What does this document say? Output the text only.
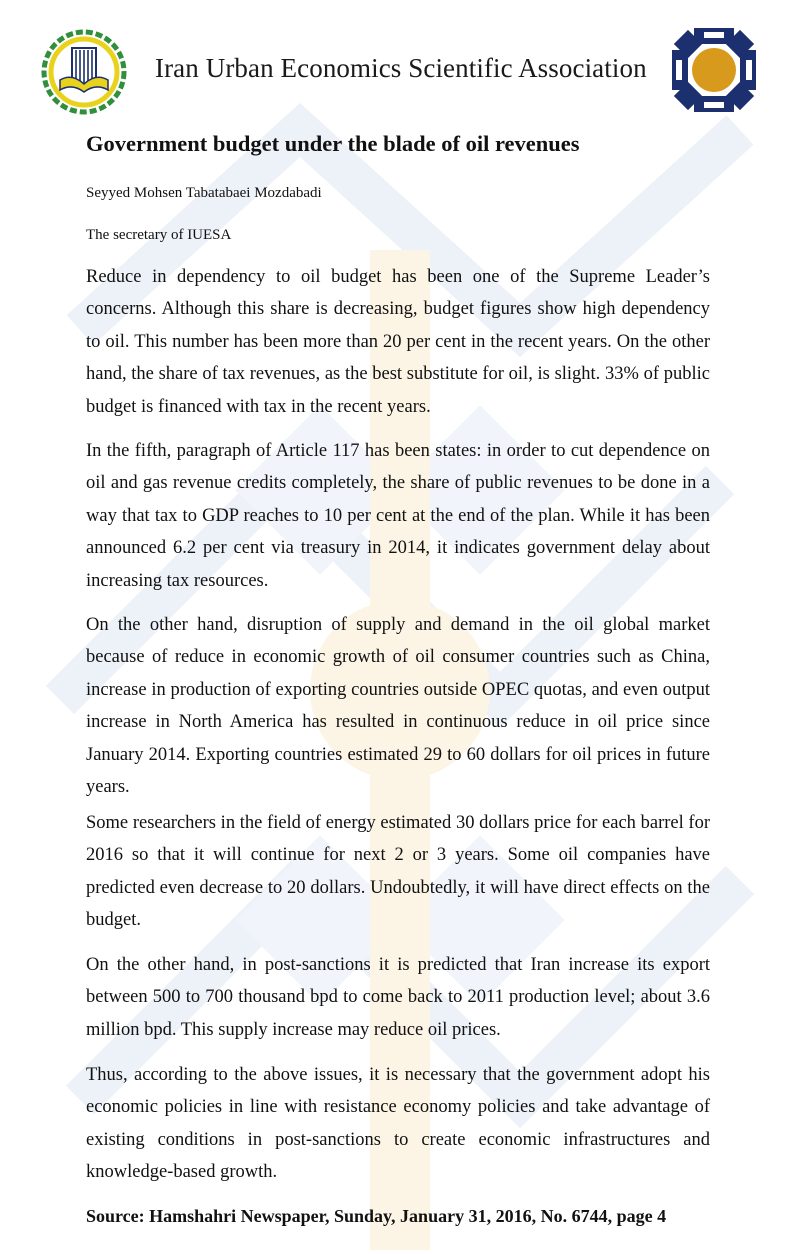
Iran Urban Economics Scientific Association
Government budget under the blade of oil revenues
Seyyed Mohsen Tabatabaei Mozdabadi
The secretary of IUESA

Reduce in dependency to oil budget has been one of the Supreme Leader’s concerns. Although this share is decreasing, budget figures show high dependency to oil. This number has been more than 20 per cent in the recent years. On the other hand, the share of tax revenues, as the best substitute for oil, is slight. 33% of public budget is financed with tax in the recent years.

In the fifth, paragraph of Article 117 has been states: in order to cut dependence on oil and gas revenue credits completely, the share of public revenues to be done in a way that tax to GDP reaches to 10 per cent at the end of the plan. While it has been announced 6.2 per cent via treasury in 2014, it indicates government delay about increasing tax resources.

On the other hand, disruption of supply and demand in the oil global market because of reduce in economic growth of oil consumer countries such as China, increase in production of exporting countries outside OPEC quotas, and even output increase in North America has resulted in continuous reduce in oil price since January 2014. Exporting countries estimated 29 to 60 dollars for oil prices in future years.

Some researchers in the field of energy estimated 30 dollars price for each barrel for 2016 so that it will continue for next 2 or 3 years. Some oil companies have predicted even decrease to 20 dollars. Undoubtedly, it will have direct effects on the budget.

On the other hand, in post-sanctions it is predicted that Iran increase its export between 500 to 700 thousand bpd to come back to 2011 production level; about 3.6 million bpd. This supply increase may reduce oil prices.

Thus, according to the above issues, it is necessary that the government adopt his economic policies in line with resistance economy policies and take advantage of existing conditions in post-sanctions to create economic infrastructures and knowledge-based growth.

Source: Hamshahri Newspaper, Sunday, January 31, 2016, No. 6744, page 4
